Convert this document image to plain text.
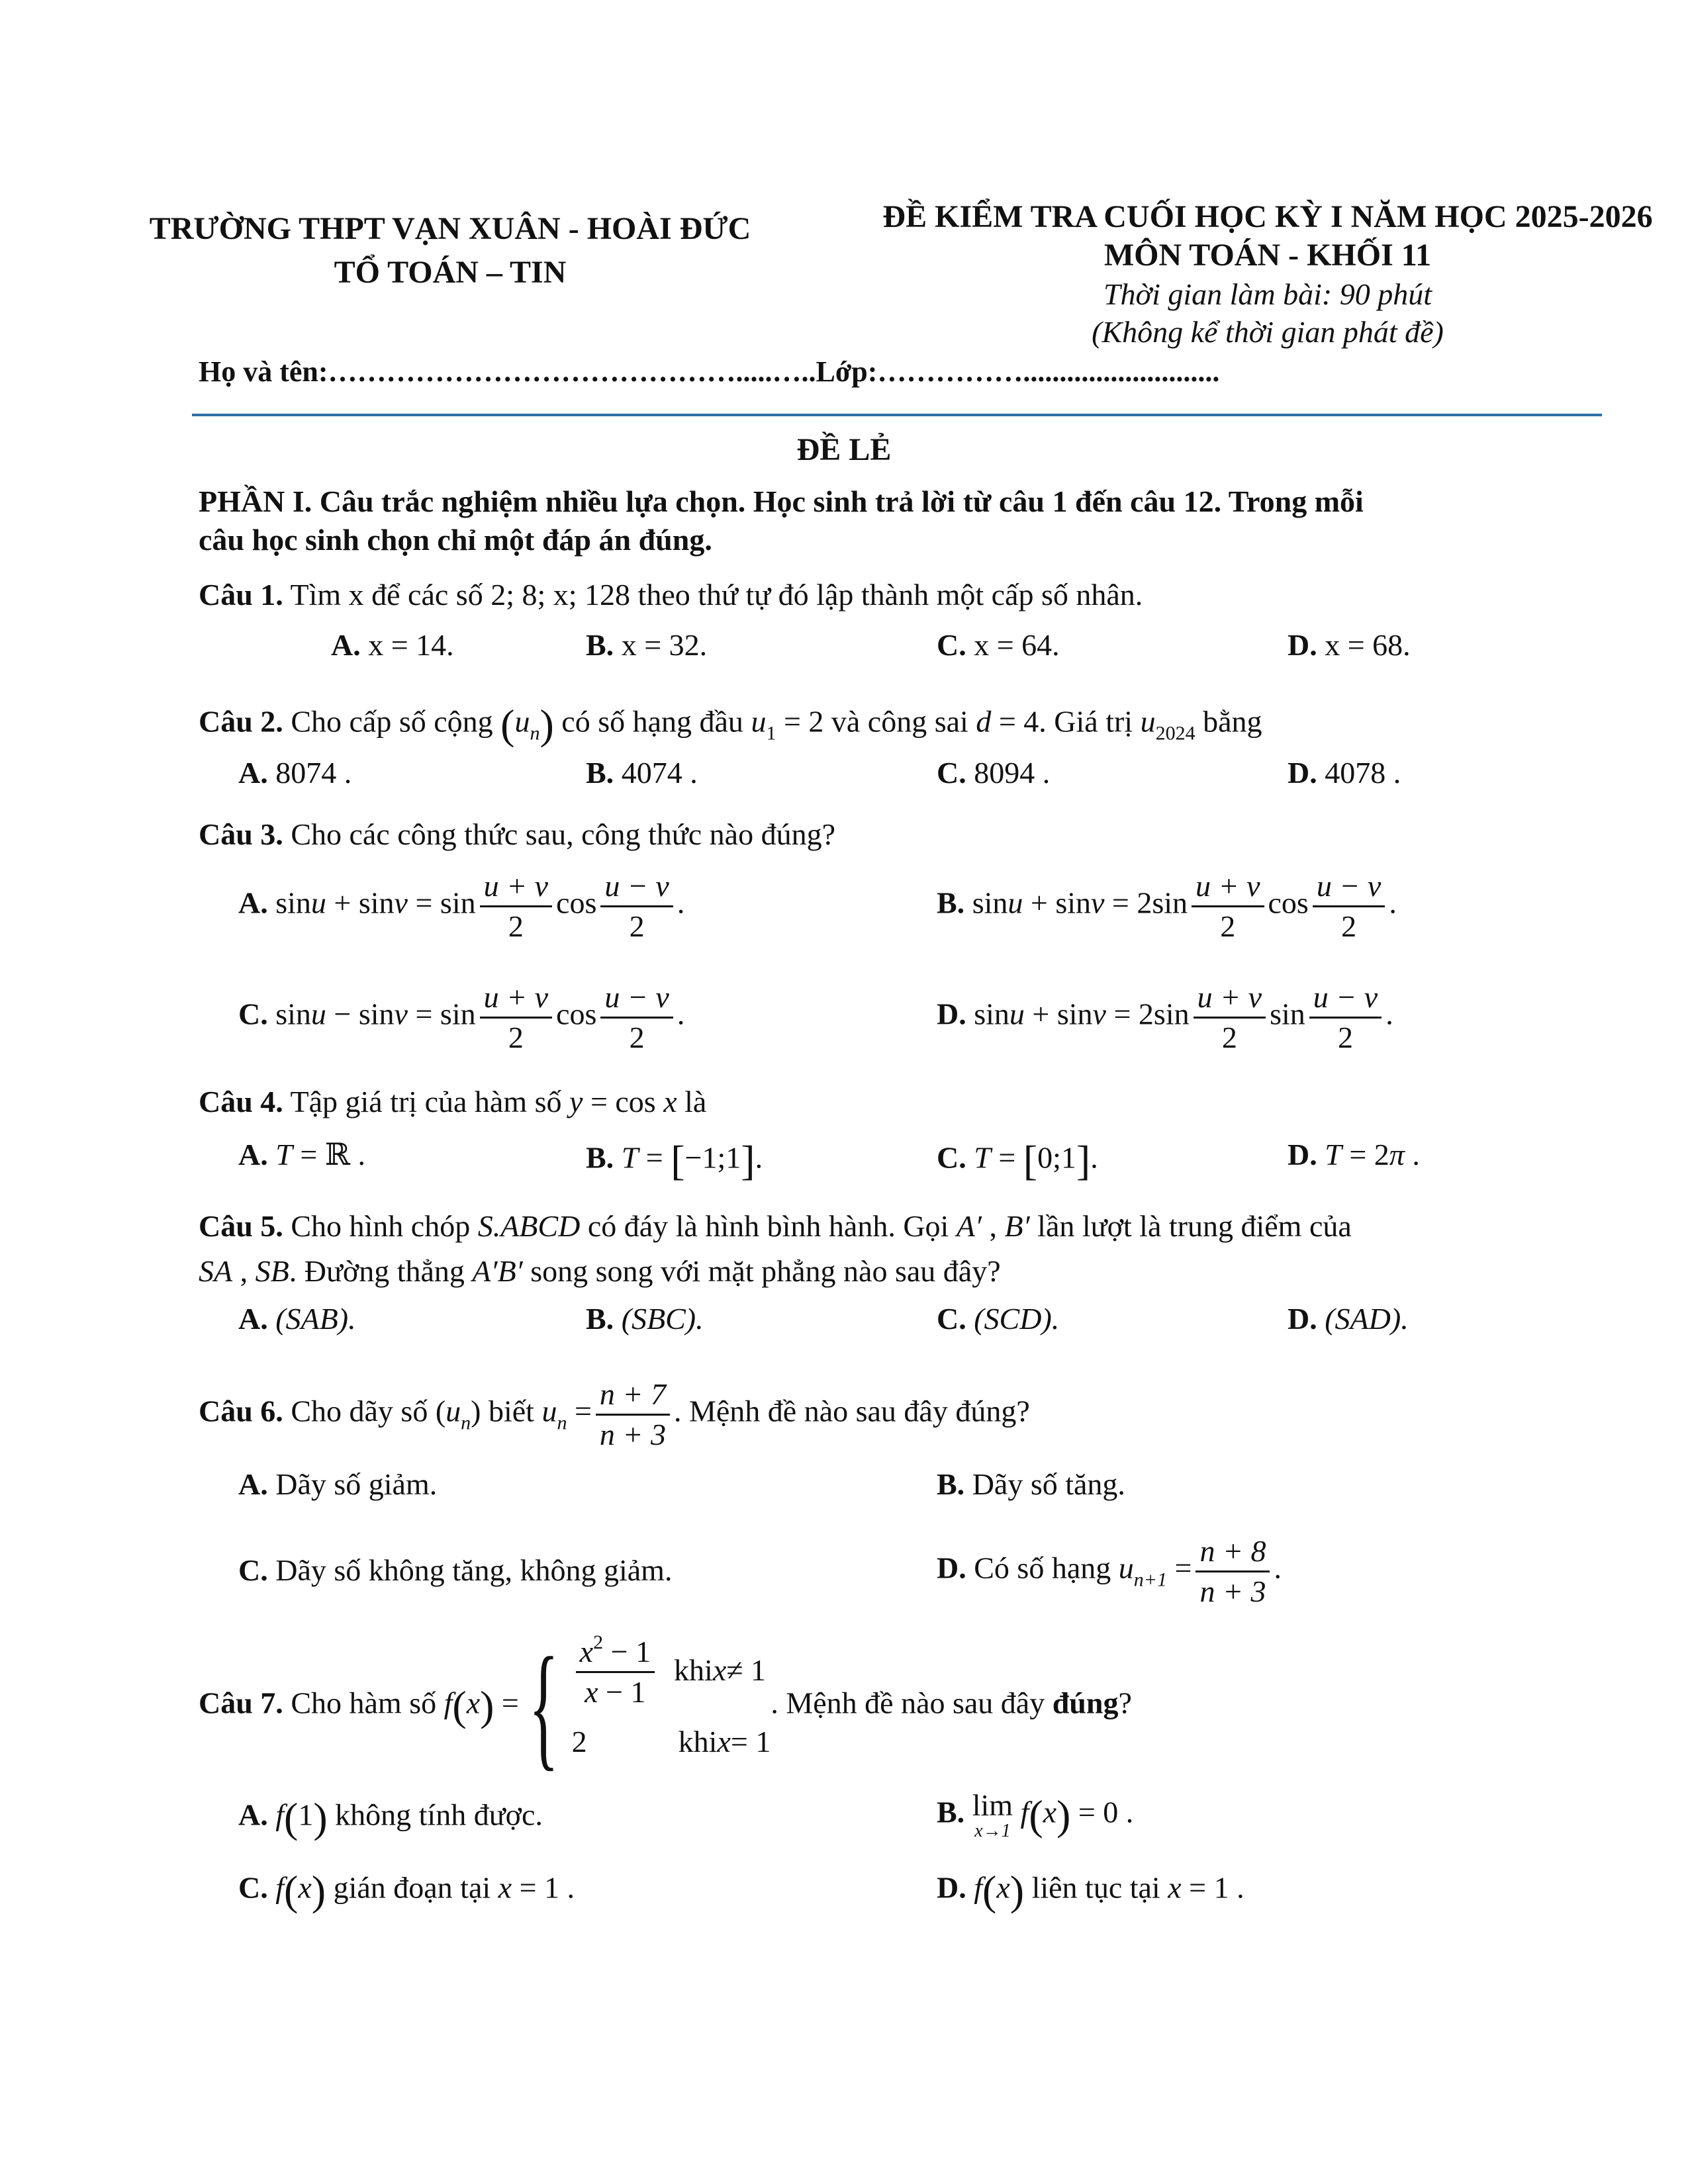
TRƯỜNG THPT VẠN XUÂN - HOÀI ĐỨC
TỔ TOÁN – TIN
ĐỀ KIỂM TRA CUỐI HỌC KỲ I NĂM HỌC 2025-2026
MÔN TOÁN - KHỐI 11
Thời gian làm bài: 90 phút
(Không kể thời gian phát đề)
Họ và tên:…………………………………….....…..Lớp:……………...........................
ĐỀ LẺ
PHẦN I. Câu trắc nghiệm nhiều lựa chọn. Học sinh trả lời từ câu 1 đến câu 12. Trong mỗi
câu học sinh chọn chỉ một đáp án đúng.
Câu 1. Tìm x để các số 2; 8; x; 128 theo thứ tự đó lập thành một cấp số nhân.
A. x = 14.	B. x = 32.	C. x = 64.	D. x = 68.
Câu 2. Cho cấp số cộng $(u_n)$ có số hạng đầu $u_1 = 2$ và công sai d = 4. Giá trị $u_{2024}$ bằng
A. 8074 .	B. 4074 .	C. 8094 .	D. 4078 .
Câu 3. Cho các công thức sau, công thức nào đúng?
A. $\sin u + \sin v = \sin \frac{u + v}{2}$ $\cos \frac{u - v}{2}$ .	B. $\sin u + \sin v = 2\sin \frac{u + v}{2}$ $\cos \frac{u - v}{2}$ .
C. $\sin u - \sin v = \sin \frac{u + v}{2}$ $\cos \frac{u - v}{2}$ .	D. $\sin u + \sin v = 2\sin \frac{u + v}{2}$ $\sin \frac{u - v}{2}$ .
Câu 4. Tập giá trị của hàm số y = cos x là
A. T = ℝ .	B. T = [−1;1].	C. T = [0;1].	D. T = 2π .
Câu 5. Cho hình chóp S.ABCD có đáy là hình bình hành. Gọi A′ , B′ lần lượt là trung điểm của
SA , SB. Đường thẳng A′B′ song song với mặt phẳng nào sau đây?
A. (SAB).	B. (SBC).	C. (SCD).	D. (SAD).
Câu 6. Cho dãy số $(u_n)$ biết $u_n = \frac{n + 7}{n + 3}$ . Mệnh đề nào sau đây đúng?
A. Dãy số giảm.	B. Dãy số tăng.
C. Dãy số không tăng, không giảm.	D. Có số hạng $u_{n+1} = \frac{n + 8}{n + 3}$ .
Câu 7. Cho hàm số f(x) = { $\frac{x^2 - 1}{x - 1}$ khi x ≠ 1
2            khi x = 1
. Mệnh đề nào sau đây đúng?
A. f(1) không tính được.	B. lim
x→1
f(x) = 0 .
C. f(x) gián đoạn tại x = 1 .	D. f(x) liên tục tại x = 1 .
